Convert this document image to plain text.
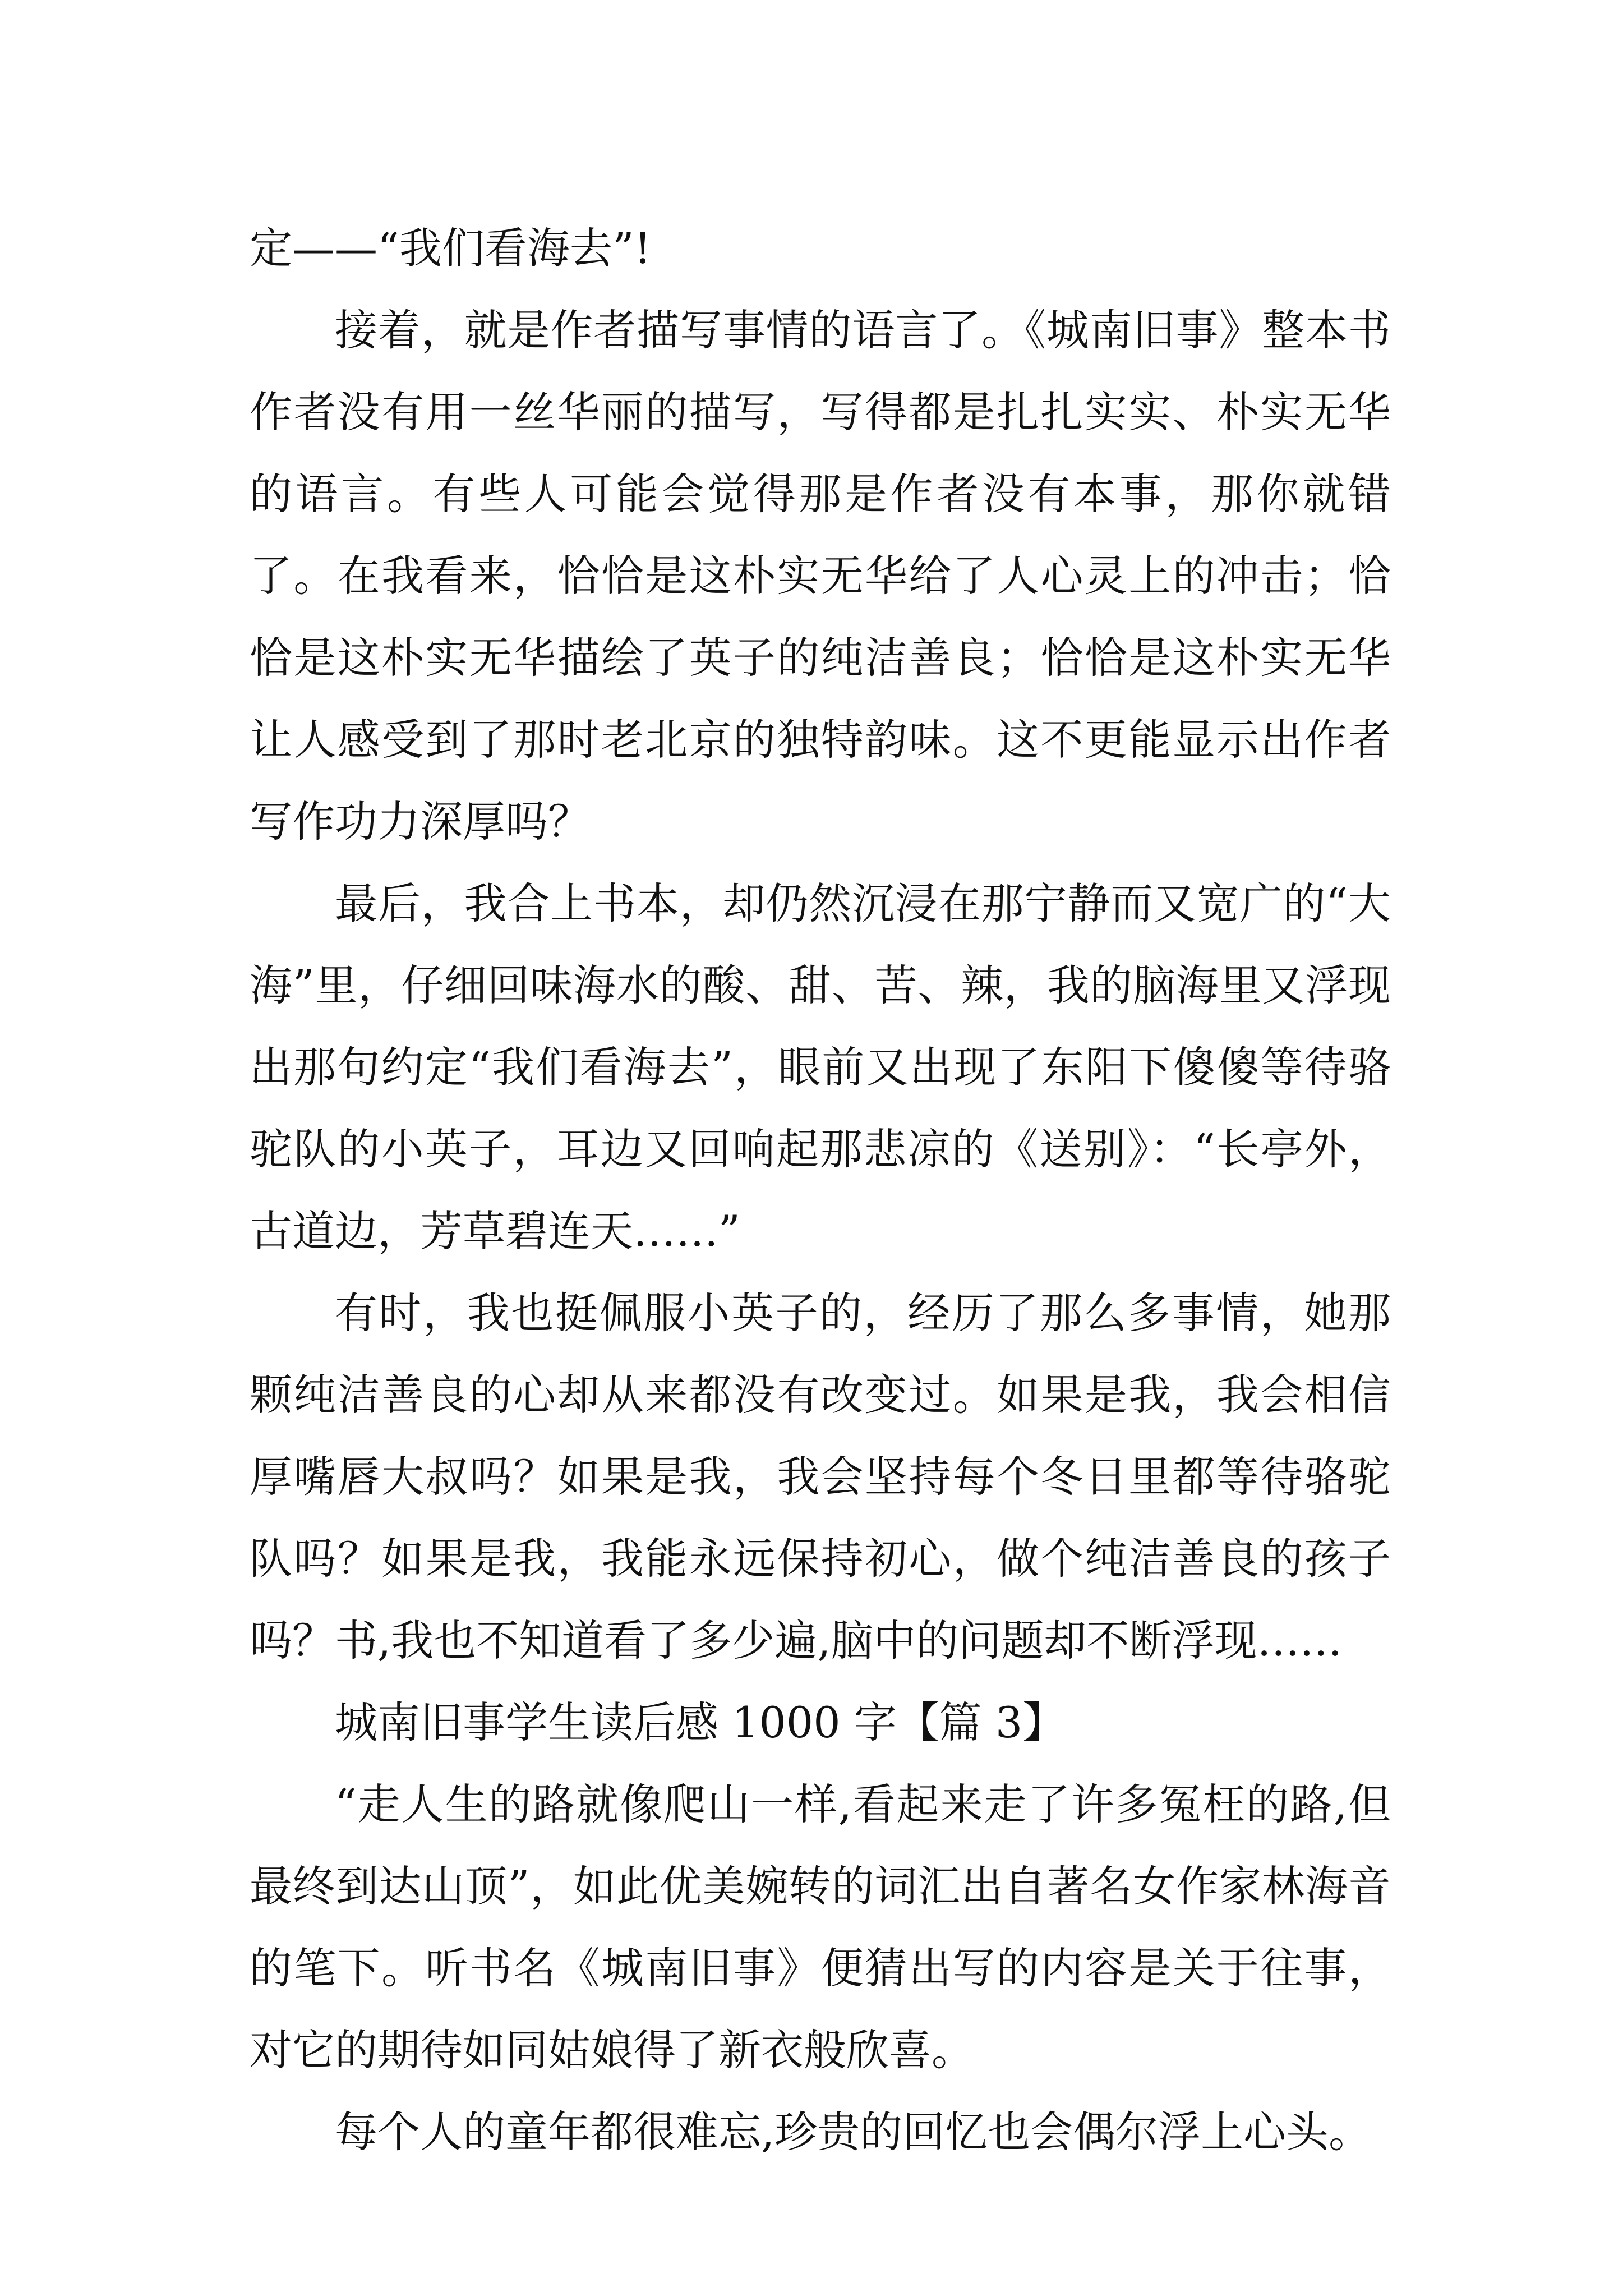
定——“我们看海去”!

接着，就是作者描写事情的语言了。《城南旧事》整本书作者没有用一丝华丽的描写，写得都是扎扎实实、朴实无华的语言。有些人可能会觉得那是作者没有本事，那你就错了。在我看来，恰恰是这朴实无华给了人心灵上的冲击；恰恰是这朴实无华描绘了英子的纯洁善良；恰恰是这朴实无华让人感受到了那时老北京的独特韵味。这不更能显示出作者写作功力深厚吗？

最后，我合上书本，却仍然沉浸在那宁静而又宽广的“大海”里，仔细回味海水的酸、甜、苦、辣，我的脑海里又浮现出那句约定“我们看海去”，眼前又出现了东阳下傻傻等待骆驼队的小英子，耳边又回响起那悲凉的《送别》：“长亭外，古道边，芳草碧连天……”

有时，我也挺佩服小英子的，经历了那么多事情，她那颗纯洁善良的心却从来都没有改变过。如果是我，我会相信厚嘴唇大叔吗？如果是我，我会坚持每个冬日里都等待骆驼队吗？如果是我，我能永远保持初心，做个纯洁善良的孩子吗？书,我也不知道看了多少遍,脑中的问题却不断浮现……

城南旧事学生读后感 1000 字【篇 3】

“走人生的路就像爬山一样,看起来走了许多冤枉的路,但最终到达山顶”，如此优美婉转的词汇出自著名女作家林海音的笔下。听书名《城南旧事》便猜出写的内容是关于往事，对它的期待如同姑娘得了新衣般欣喜。

每个人的童年都很难忘,珍贵的回忆也会偶尔浮上心头。
